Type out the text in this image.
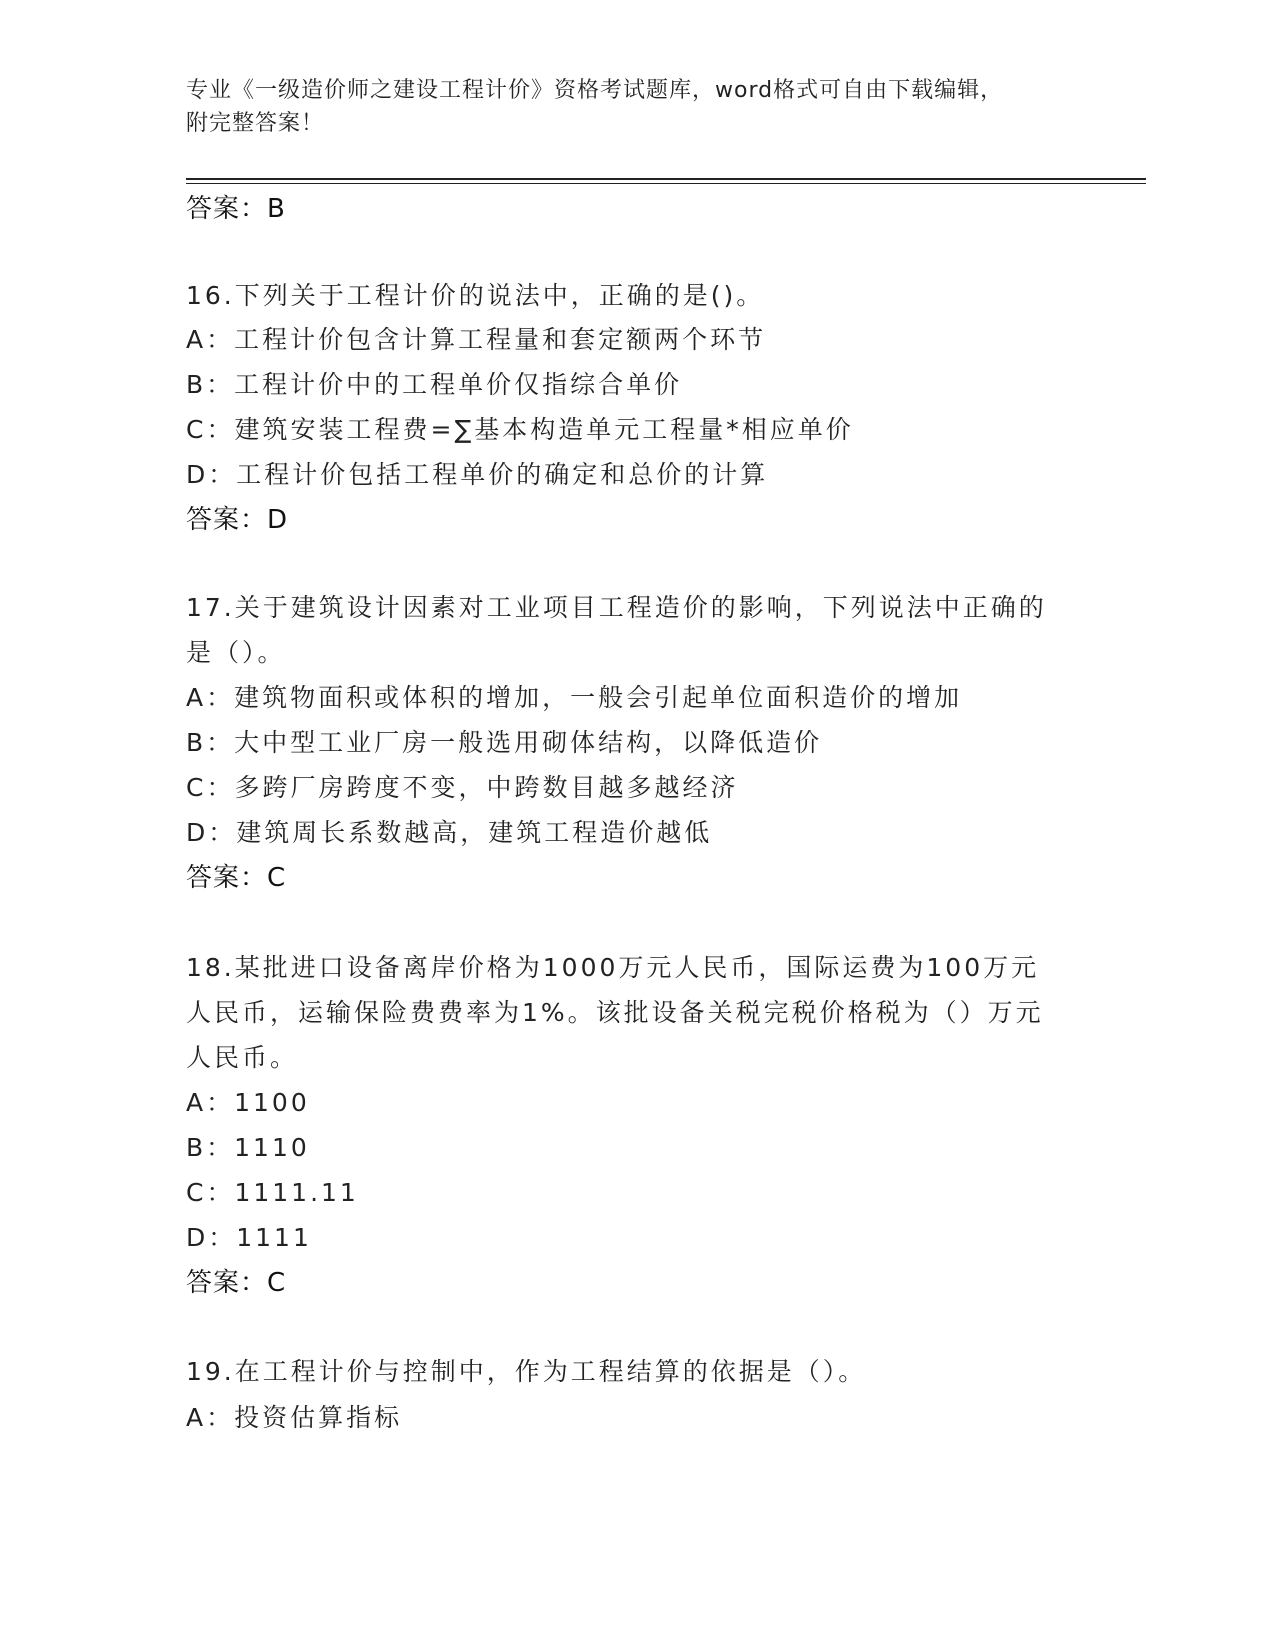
专业《一级造价师之建设工程计价》资格考试题库，word格式可自由下载编辑，
附完整答案！
答案：B
16.下列关于工程计价的说法中，正确的是()。
A：工程计价包含计算工程量和套定额两个环节
B：工程计价中的工程单价仅指综合单价
C：建筑安装工程费=∑基本构造单元工程量*相应单价
D：工程计价包括工程单价的确定和总价的计算
答案：D
17.关于建筑设计因素对工业项目工程造价的影响，下列说法中正确的
是（）。
A：建筑物面积或体积的增加，一般会引起单位面积造价的增加
B：大中型工业厂房一般选用砌体结构，以降低造价
C：多跨厂房跨度不变，中跨数目越多越经济
D：建筑周长系数越高，建筑工程造价越低
答案：C
18.某批进口设备离岸价格为1000万元人民币，国际运费为100万元
人民币，运输保险费费率为1%。该批设备关税完税价格税为（）万元
人民币。
A：1100
B：1110
C：1111.11
D：1111
答案：C
19.在工程计价与控制中，作为工程结算的依据是（）。
A：投资估算指标
